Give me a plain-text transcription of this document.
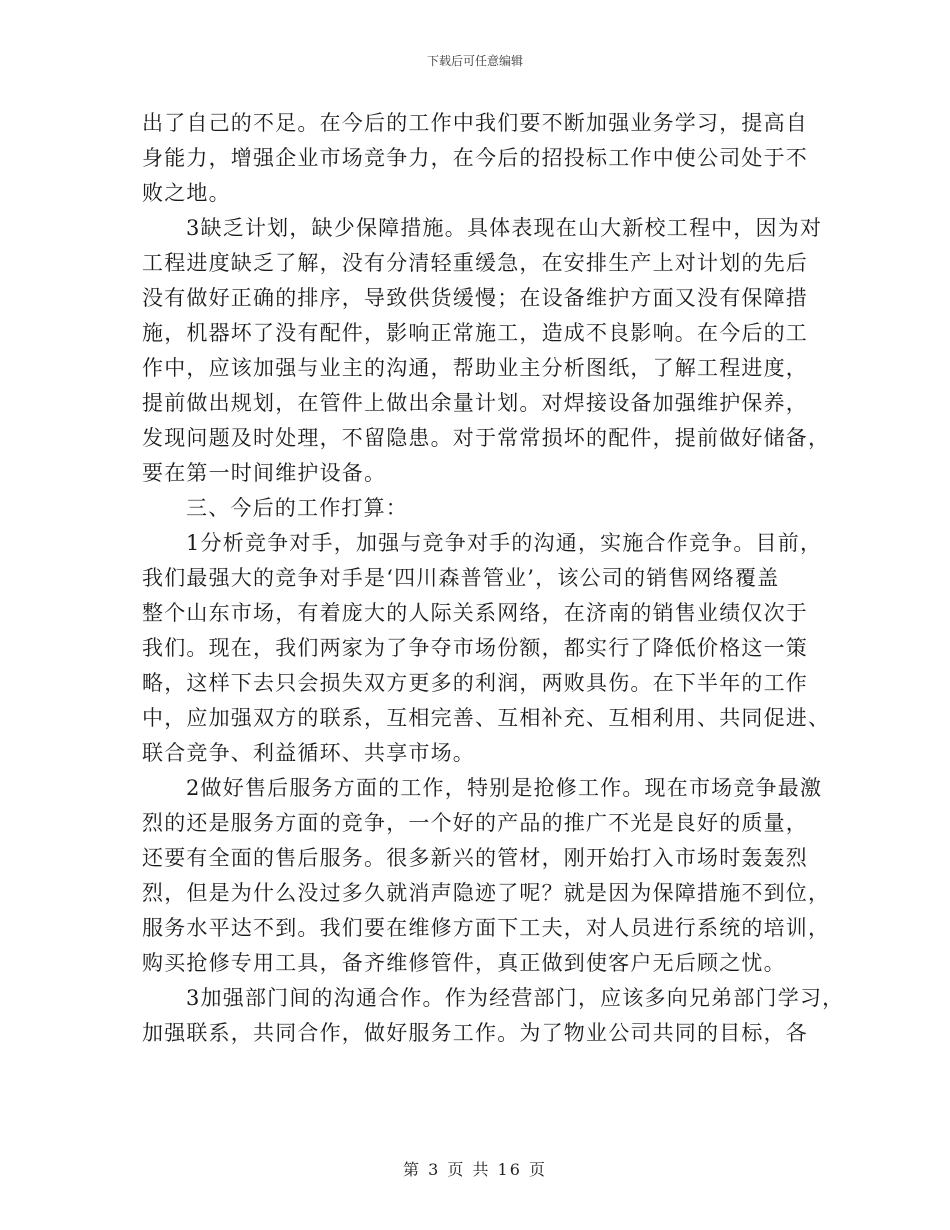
下载后可任意编辑
出了自己的不足。在今后的工作中我们要不断加强业务学习，提高自
身能力，增强企业市场竞争力，在今后的招投标工作中使公司处于不
败之地。
3缺乏计划，缺少保障措施。具体表现在山大新校工程中，因为对
工程进度缺乏了解，没有分清轻重缓急，在安排生产上对计划的先后
没有做好正确的排序，导致供货缓慢；在设备维护方面又没有保障措
施，机器坏了没有配件，影响正常施工，造成不良影响。在今后的工
作中，应该加强与业主的沟通，帮助业主分析图纸，了解工程进度，
提前做出规划，在管件上做出余量计划。对焊接设备加强维护保养，
发现问题及时处理，不留隐患。对于常常损坏的配件，提前做好储备，
要在第一时间维护设备。
三、今后的工作打算：
1分析竞争对手，加强与竞争对手的沟通，实施合作竞争。目前，
我们最强大的竞争对手是‘四川森普管业’，该公司的销售网络覆盖
整个山东市场，有着庞大的人际关系网络，在济南的销售业绩仅次于
我们。现在，我们两家为了争夺市场份额，都实行了降低价格这一策
略，这样下去只会损失双方更多的利润，两败具伤。在下半年的工作
中，应加强双方的联系，互相完善、互相补充、互相利用、共同促进、
联合竞争、利益循环、共享市场。
2做好售后服务方面的工作，特别是抢修工作。现在市场竞争最激
烈的还是服务方面的竞争，一个好的产品的推广不光是良好的质量，
还要有全面的售后服务。很多新兴的管材，刚开始打入市场时轰轰烈
烈，但是为什么没过多久就消声隐迹了呢？就是因为保障措施不到位，
服务水平达不到。我们要在维修方面下工夫，对人员进行系统的培训，
购买抢修专用工具，备齐维修管件，真正做到使客户无后顾之忧。
3加强部门间的沟通合作。作为经营部门，应该多向兄弟部门学习，
加强联系，共同合作，做好服务工作。为了物业公司共同的目标，各
第 3 页 共 16 页
